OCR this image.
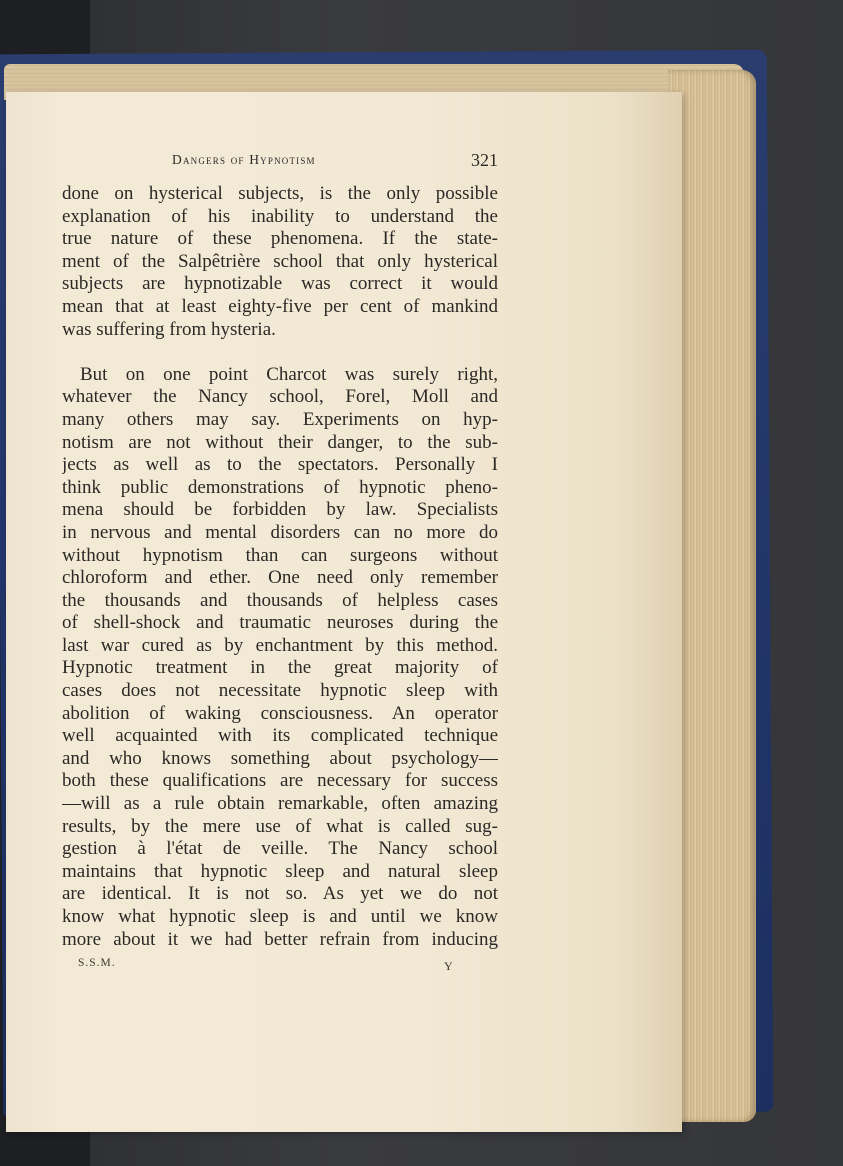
Dangers of Hypnotism	321
done on hysterical subjects, is the only possible
explanation of his inability to understand the
true nature of these phenomena. If the state-
ment of the Salpêtrière school that only hysterical
subjects are hypnotizable was correct it would
mean that at least eighty-five per cent of mankind
was suffering from hysteria.
But on one point Charcot was surely right,
whatever the Nancy school, Forel, Moll and
many others may say. Experiments on hyp-
notism are not without their danger, to the sub-
jects as well as to the spectators. Personally I
think public demonstrations of hypnotic pheno-
mena should be forbidden by law. Specialists
in nervous and mental disorders can no more do
without hypnotism than can surgeons without
chloroform and ether. One need only remember
the thousands and thousands of helpless cases
of shell-shock and traumatic neuroses during the
last war cured as by enchantment by this method.
Hypnotic treatment in the great majority of
cases does not necessitate hypnotic sleep with
abolition of waking consciousness. An operator
well acquainted with its complicated technique
and who knows something about psychology—
both these qualifications are necessary for success
—will as a rule obtain remarkable, often amazing
results, by the mere use of what is called sug-
gestion à l'état de veille. The Nancy school
maintains that hypnotic sleep and natural sleep
are identical. It is not so. As yet we do not
know what hypnotic sleep is and until we know
more about it we had better refrain from inducing
S.S.M.	Y
